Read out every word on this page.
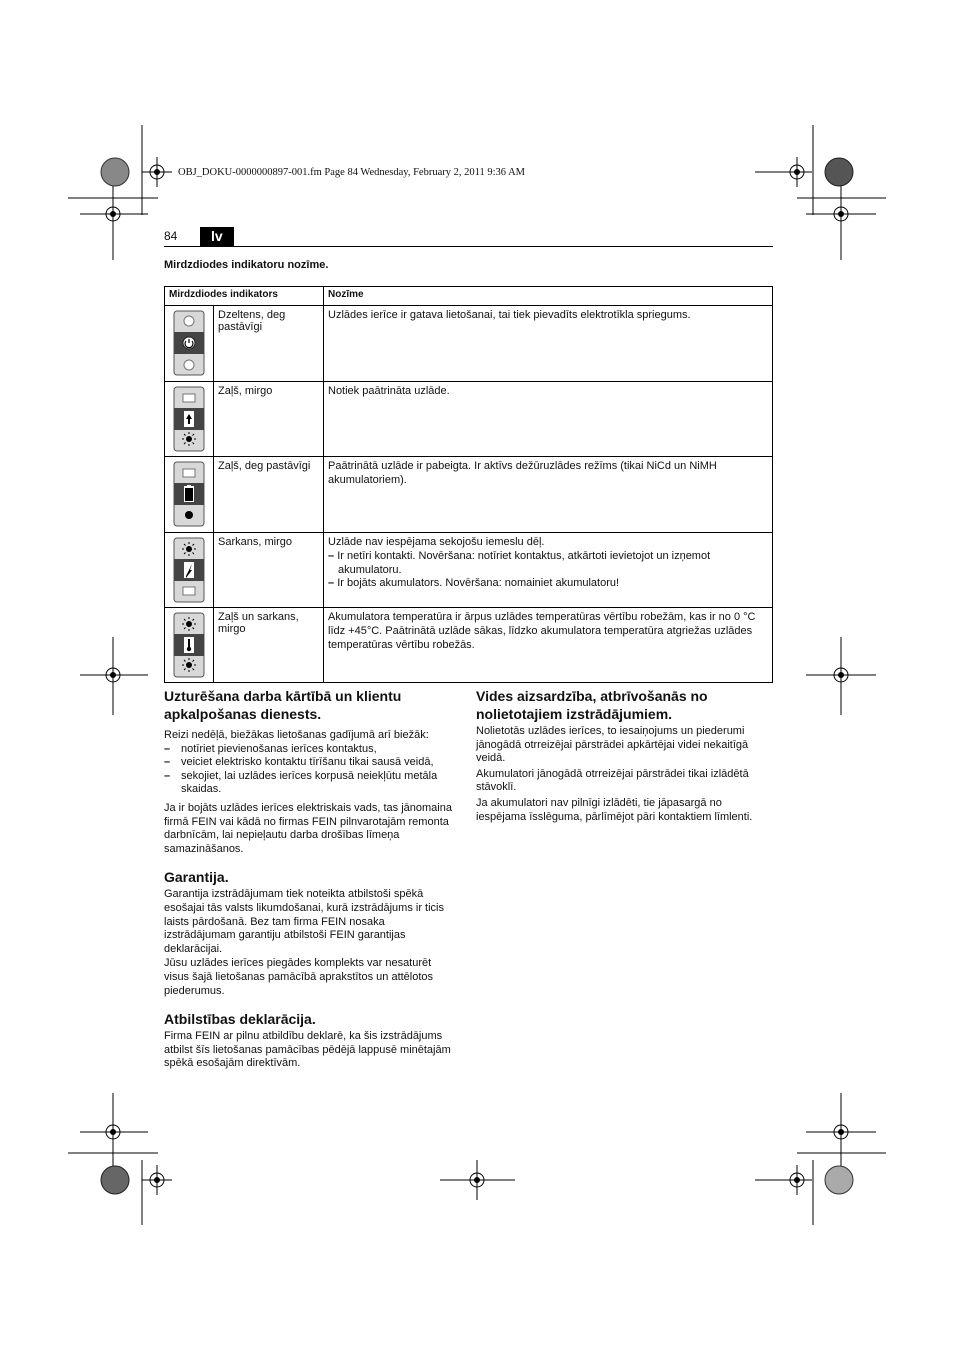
OBJ_DOKU-0000000897-001.fm Page 84 Wednesday, February 2, 2011 9:36 AM
84	lv
Mirdzdiodes indikatoru nozīme.
Mirdzdiodes indikators		Nozīme

	Dzeltens, deg pastāvīgi	Uzlādes ierīce ir gatava lietošanai, tai tiek pievadīts elektrotīkla spriegums.

	Zaļš, mirgo	Notiek paātrināta uzlāde.

	Zaļš, deg pastāvīgi	Paātrinātā uzlāde ir pabeigta. Ir aktīvs dežūruzlādes režīms (tikai NiCd un NiMH akumulatoriem).

	Sarkans, mirgo	Uzlāde nav iespējama sekojošu iemeslu dēļ.
– Ir netīri kontakti. Novēršana: notīriet kontaktus, atkārtoti ievietojot un izņemot akumulatoru.
– Ir bojāts akumulators. Novēršana: nomainiet akumulatoru!

	Zaļš un sarkans, mirgo	Akumulatora temperatūra ir ārpus uzlādes temperatūras vērtību robežām, kas ir no 0 °C līdz +45°C. Paātrinātā uzlāde sākas, līdzko akumulatora temperatūra atgriežas uzlādes temperatūras vērtību robežās.
Uzturēšana darba kārtībā un klientu apkalpošanas dienests.

Reizi nedēļā, biežākas lietošanas gadījumā arī biežāk:

– notīriet pievienošanas ierīces kontaktus,
– veiciet elektrisko kontaktu tīrīšanu tikai sausā veidā,
– sekojiet, lai uzlādes ierīces korpusā neiekļūtu metāla skaidas.

Ja ir bojāts uzlādes ierīces elektriskais vads, tas jānomaina firmā FEIN vai kādā no firmas FEIN pilnvarotajām remonta darbnīcām, lai nepieļautu darba drošības līmeņa samazināšanos.

Garantija.

Garantija izstrādājumam tiek noteikta atbilstoši spēkā esošajai tās valsts likumdošanai, kurā izstrādājums ir ticis laists pārdošanā. Bez tam firma FEIN nosaka izstrādājumam garantiju atbilstoši FEIN garantijas deklarācijai.

Jūsu uzlādes ierīces piegādes komplekts var nesaturēt visus šajā lietošanas pamācībā aprakstītos un attēlotos piederumus.

Atbilstības deklarācija.

Firma FEIN ar pilnu atbildību deklarē, ka šis izstrādājums atbilst šīs lietošanas pamācības pēdējā lappusē minētajām spēkā esošajām direktīvām.

Vides aizsardzība, atbrīvošanās no nolietotajiem izstrādājumiem.

Nolietotās uzlādes ierīces, to iesaiņojums un piederumi jānogādā otrreizējai pārstrādei apkārtējai videi nekaitīgā veidā.

Akumulatori jānogādā otrreizējai pārstrādei tikai izlādētā stāvoklī.

Ja akumulatori nav pilnīgi izlādēti, tie jāpasargā no iespējama īsslēguma, pārlīmējot pāri kontaktiem līmlenti.
